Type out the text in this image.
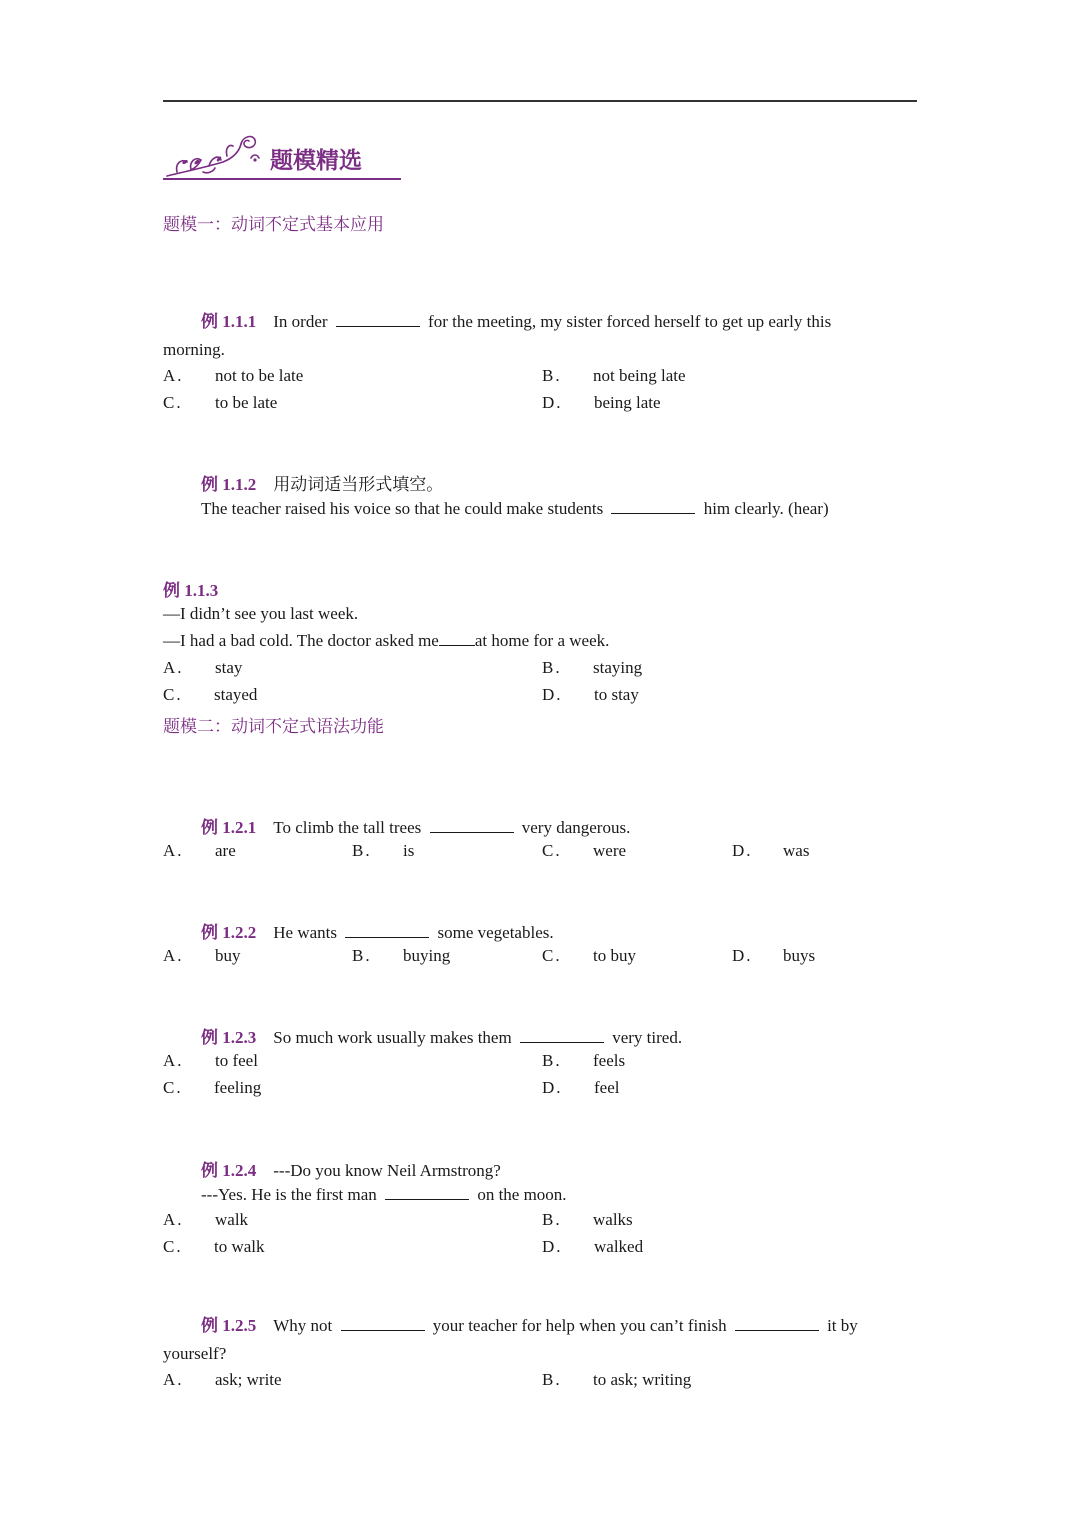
题模精选
题模一：动词不定式基本应用
例 1.1.1 In order	for the meeting, my sister forced herself to get up early this
morning.
A. not to be late	B. not being late
C. to be late	D. being late
例 1.1.2 用动词适当形式填空。
The teacher raised his voice so that he could make students	him clearly. (hear)
例 1.1.3
—I didn’t see you last week.
—I had a bad cold. The doctor asked me at home for a week.
A. stay	B. staying
C. stayed	D. to stay
题模二：动词不定式语法功能
例 1.2.1 To climb the tall trees	very dangerous.
A. are	B. is	C. were	D. was
例 1.2.2 He wants	some vegetables.
A. buy	B. buying	C. to buy	D. buys
例 1.2.3 So much work usually makes them	very tired.
A. to feel	B. feels
C. feeling	D. feel
例 1.2.4 ---Do you know Neil Armstrong?
---Yes. He is the first man	on the moon.
A. walk	B. walks
C. to walk	D. walked
例 1.2.5 Why not	your teacher for help when you can’t finish	it by
yourself?
A. ask; write	B. to ask; writing
